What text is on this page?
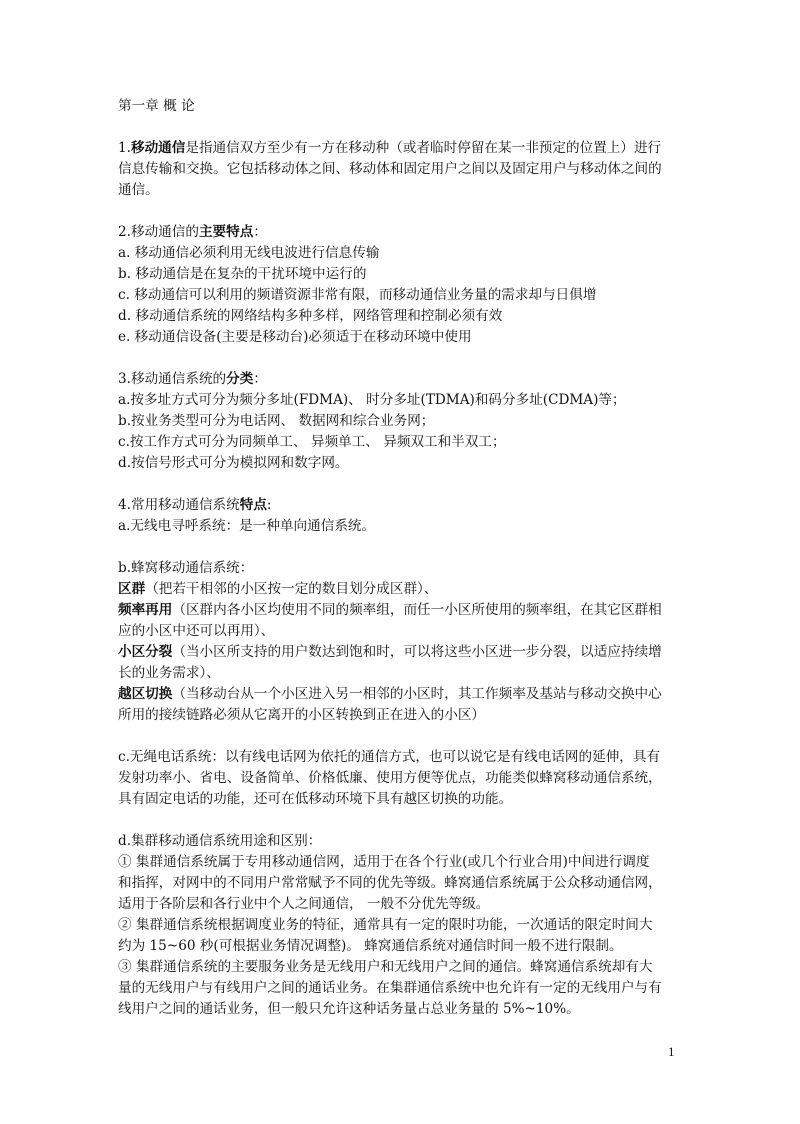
第一章 概 论
1.移动通信是指通信双方至少有一方在移动种（或者临时停留在某一非预定的位置上）进行
信息传输和交换。它包括移动体之间、移动体和固定用户之间以及固定用户与移动体之间的
通信。
2.移动通信的主要特点：
a. 移动通信必须利用无线电波进行信息传输
b. 移动通信是在复杂的干扰环境中运行的
c. 移动通信可以利用的频谱资源非常有限，而移动通信业务量的需求却与日俱增
d. 移动通信系统的网络结构多种多样，网络管理和控制必须有效
e. 移动通信设备(主要是移动台)必须适于在移动环境中使用
3.移动通信系统的分类：
a.按多址方式可分为频分多址(FDMA)、 时分多址(TDMA)和码分多址(CDMA)等；
b.按业务类型可分为电话网、 数据网和综合业务网；
c.按工作方式可分为同频单工、 异频单工、 异频双工和半双工；
d.按信号形式可分为模拟网和数字网。
4.常用移动通信系统特点:
a.无线电寻呼系统：是一种单向通信系统。
b.蜂窝移动通信系统：
区群（把若干相邻的小区按一定的数目划分成区群）、
频率再用（区群内各小区均使用不同的频率组，而任一小区所使用的频率组，在其它区群相
应的小区中还可以再用）、
小区分裂（当小区所支持的用户数达到饱和时，可以将这些小区进一步分裂，以适应持续增
长的业务需求）、
越区切换（当移动台从一个小区进入另一相邻的小区时，其工作频率及基站与移动交换中心
所用的接续链路必须从它离开的小区转换到正在进入的小区）
c.无绳电话系统：以有线电话网为依托的通信方式，也可以说它是有线电话网的延伸，具有
发射功率小、省电、设备简单、价格低廉、使用方便等优点，功能类似蜂窝移动通信系统，
具有固定电话的功能，还可在低移动环境下具有越区切换的功能。
d.集群移动通信系统用途和区别：
① 集群通信系统属于专用移动通信网，适用于在各个行业(或几个行业合用)中间进行调度
和指挥，对网中的不同用户常常赋予不同的优先等级。蜂窝通信系统属于公众移动通信网，
适用于各阶层和各行业中个人之间通信， 一般不分优先等级。
② 集群通信系统根据调度业务的特征，通常具有一定的限时功能，一次通话的限定时间大
约为 15~60 秒(可根据业务情况调整)。 蜂窝通信系统对通信时间一般不进行限制。
③ 集群通信系统的主要服务业务是无线用户和无线用户之间的通信。蜂窝通信系统却有大
量的无线用户与有线用户之间的通话业务。在集群通信系统中也允许有一定的无线用户与有
线用户之间的通话业务，但一般只允许这种话务量占总业务量的 5%~10%。
1
